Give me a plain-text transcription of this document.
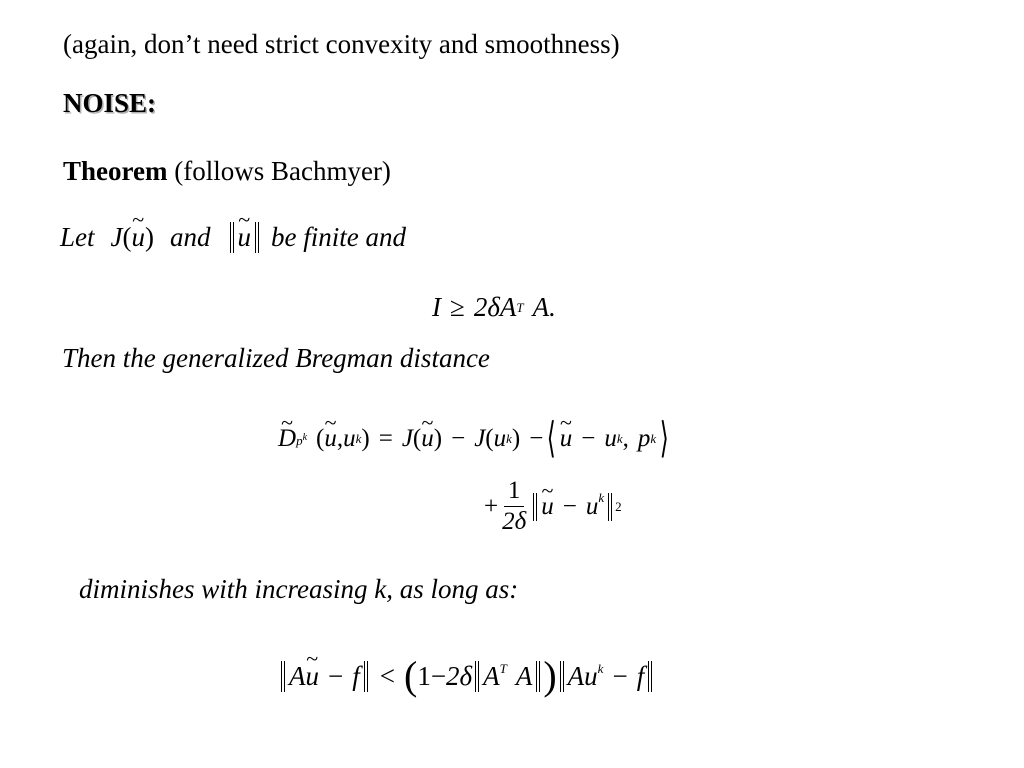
(again, don’t need strict convexity and smoothness)
NOISE:
Theorem (follows Bachmyer)
Let J ( ~ u ) and ~ u be finite and
I ≥ 2δ A T A.
Then the generalized Bregman distance
~ D $p^k$ ( ~ u , u k ) = J ( ~ u ) − J ( u k ) − ⟨ ~ u − u k , p k ⟩
+ $\frac{1}{2\delta}$ ~ $u - u^k$
2
diminishes with increasing k, as long as:
A~ u − f < ( 1− 2δ $A^T$ A ) $Au^k - f$
